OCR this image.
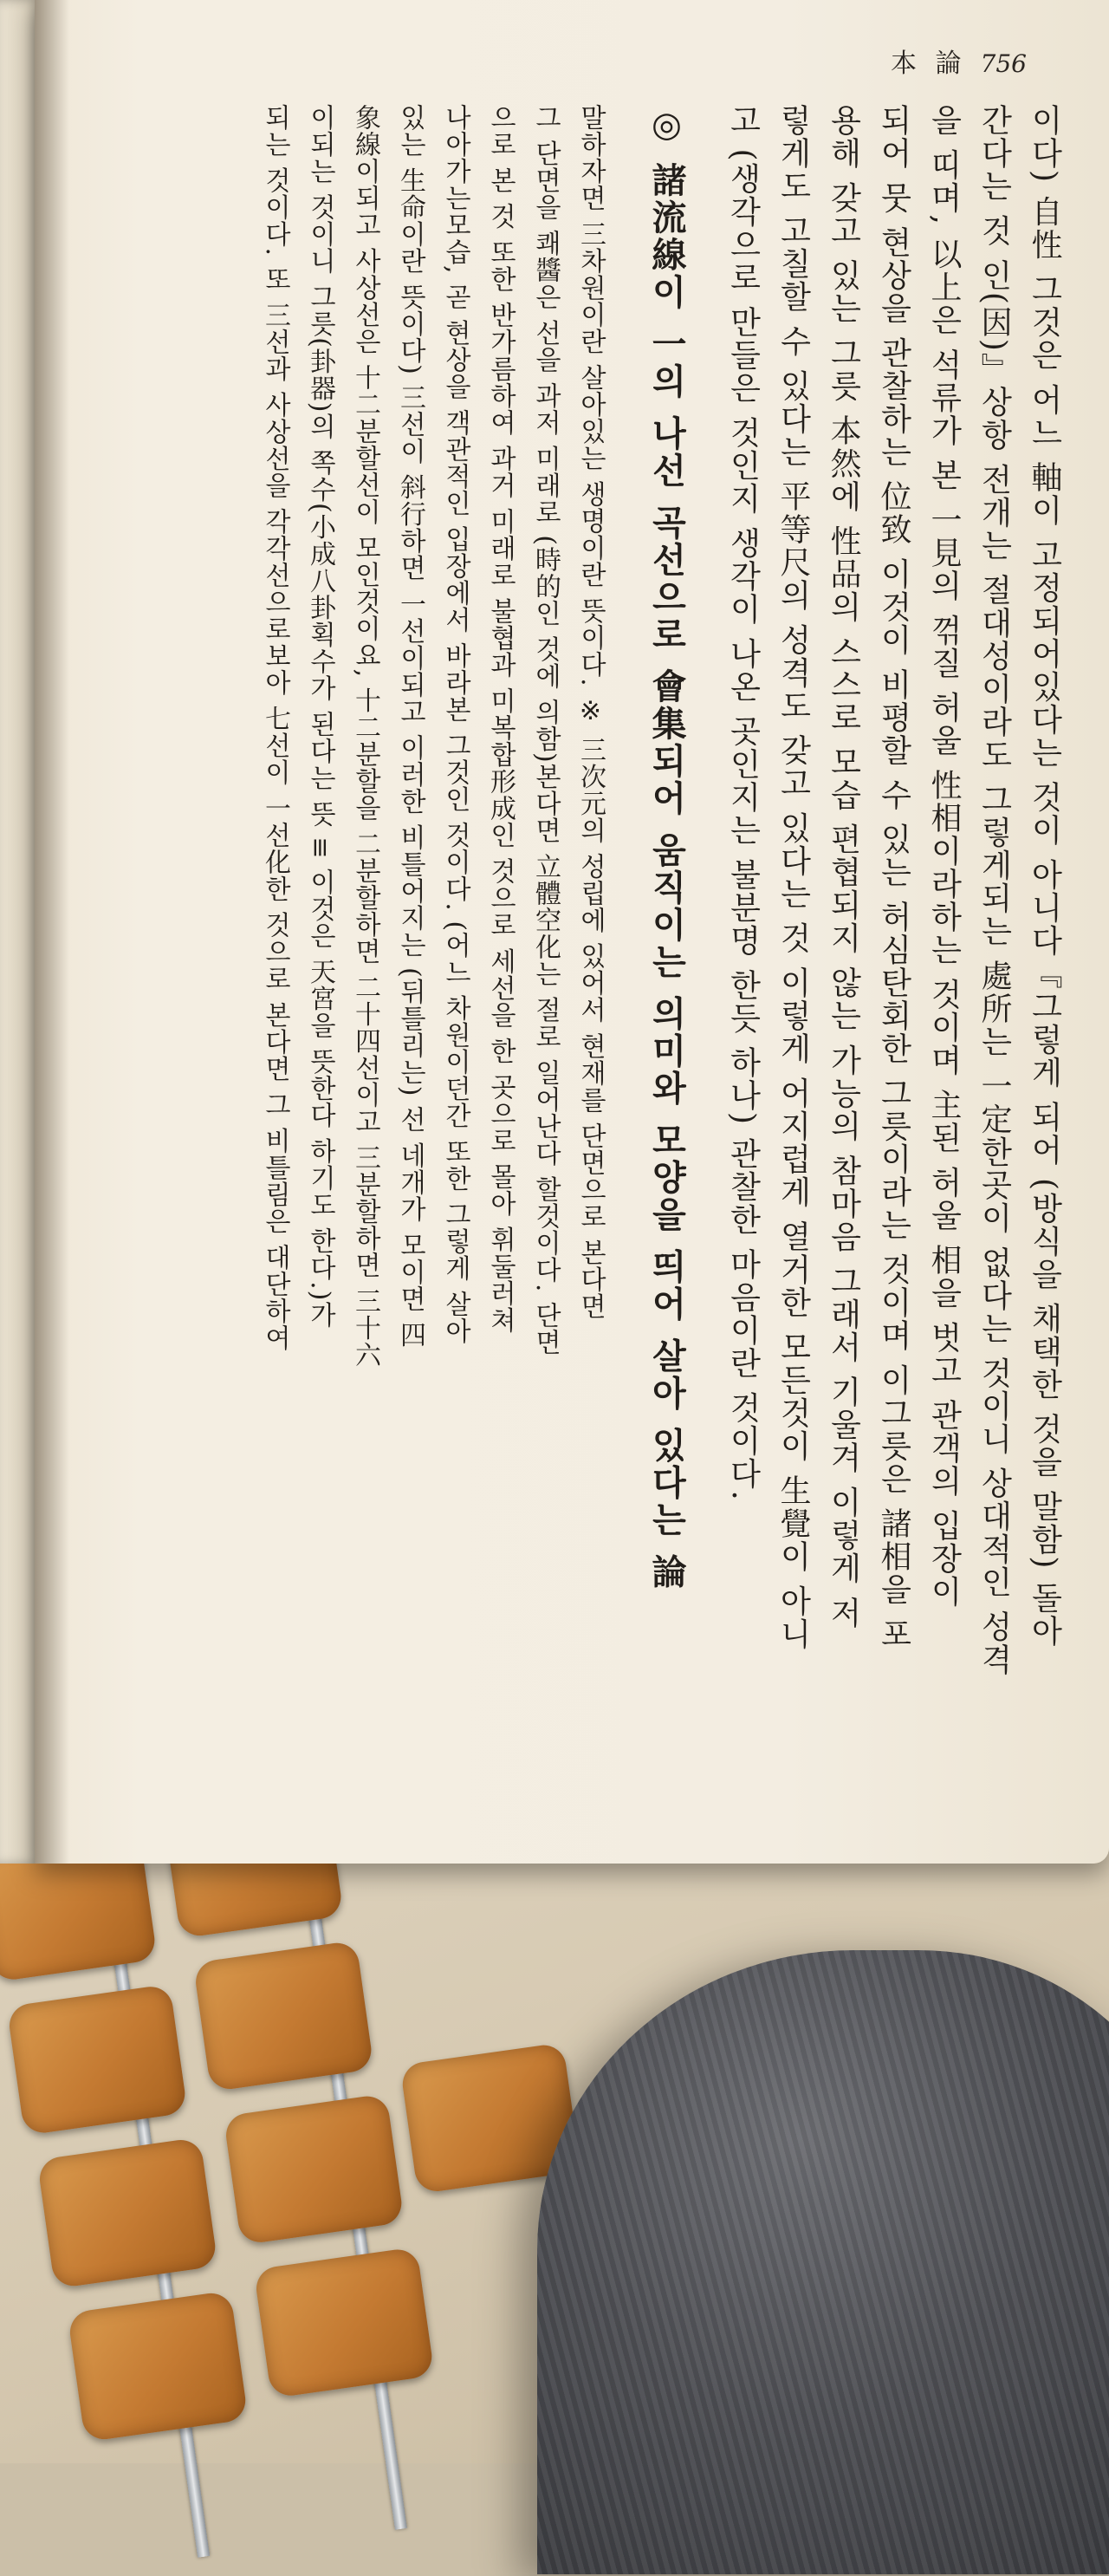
本 論 756
이다) 自性 그것은 어느 軸이 고정되어있다는 것이 아니다『그렇게 되어 (방식을 채택한 것을 말함) 돌아
간다는 것 인(因)』상항 전개는 절대성이라도 그렇게되는 處所는 一定한곳이 없다는 것이니 상대적인 성격
을 띠며, 以上은 석류가 본 一見의 꺾질 허울 性相이라하는 것이며 主된 허울 相을 벗고 관객의 입장이
되어 뭇 현상을 관찰하는 位致 이것이 비평할 수 있는 허심탄회한 그릇이라는 것이며 이그릇은 諸相을 포
용해 갖고 있는 그릇 本然에 性品의 스스로 모습 편협되지 않는 가능의 참마음 그래서 기울겨 이렇게 저
렇게도 고칠할 수 있다는 平等尺의 성격도 갖고 있다는 것 이렇게 어지럽게 열거한 모든것이 生覺이 아니
고 (생각으로 만들은 것인지 생각이 나온 곳인지는 불분명 한듯 하나) 관찰한 마음이란 것이다.
◎ 諸流線이 一의 나선 곡선으로 會集되어 움직이는 의미와 모양을 띄어 살아 있다는 論
말하자면 三차원이란 살아있는 생명이란 뜻이다. ※ 三次元의 성립에 있어서 현재를 단면으로 본다면
그 단면을 쾌醬은 선을 과저 미래로 (時的인 것에 의함)본다면 立體空化는 절로 일어난다 할것이다. 단면
으로 본 것 또한 반가름하여 과거 미래로 불협과 미복합形成인 것으로 세선을 한 곳으로 몰아 휘둘러쳐
나아가는모습, 곧 현상을 객관적인 입장에서 바라본 그것인 것이다. (어느 차원이던간 또한 그렇게 살아
있는 生命이란 뜻이다) 三선이 斜行하면 一선이되고 이러한 비틀어지는 (뒤틀리는) 선 네개가 모이면 四
象線이되고 사상선은 十二분할선이 모인것이요, 十二분할을 二분할하면 二十四선이고 三분할하면 三十六
이되는 것이니 그릇(卦器)의 쪽수(小成八卦획수가 된다는 뜻 ≡ 이것은 天宮을 뜻한다 하기도 한다.)가
되는 것이다. 또 三선과 사상선을 각각선으로보아 七선이 一선化한 것으로 본다면 그 비틀림은 대단하여
